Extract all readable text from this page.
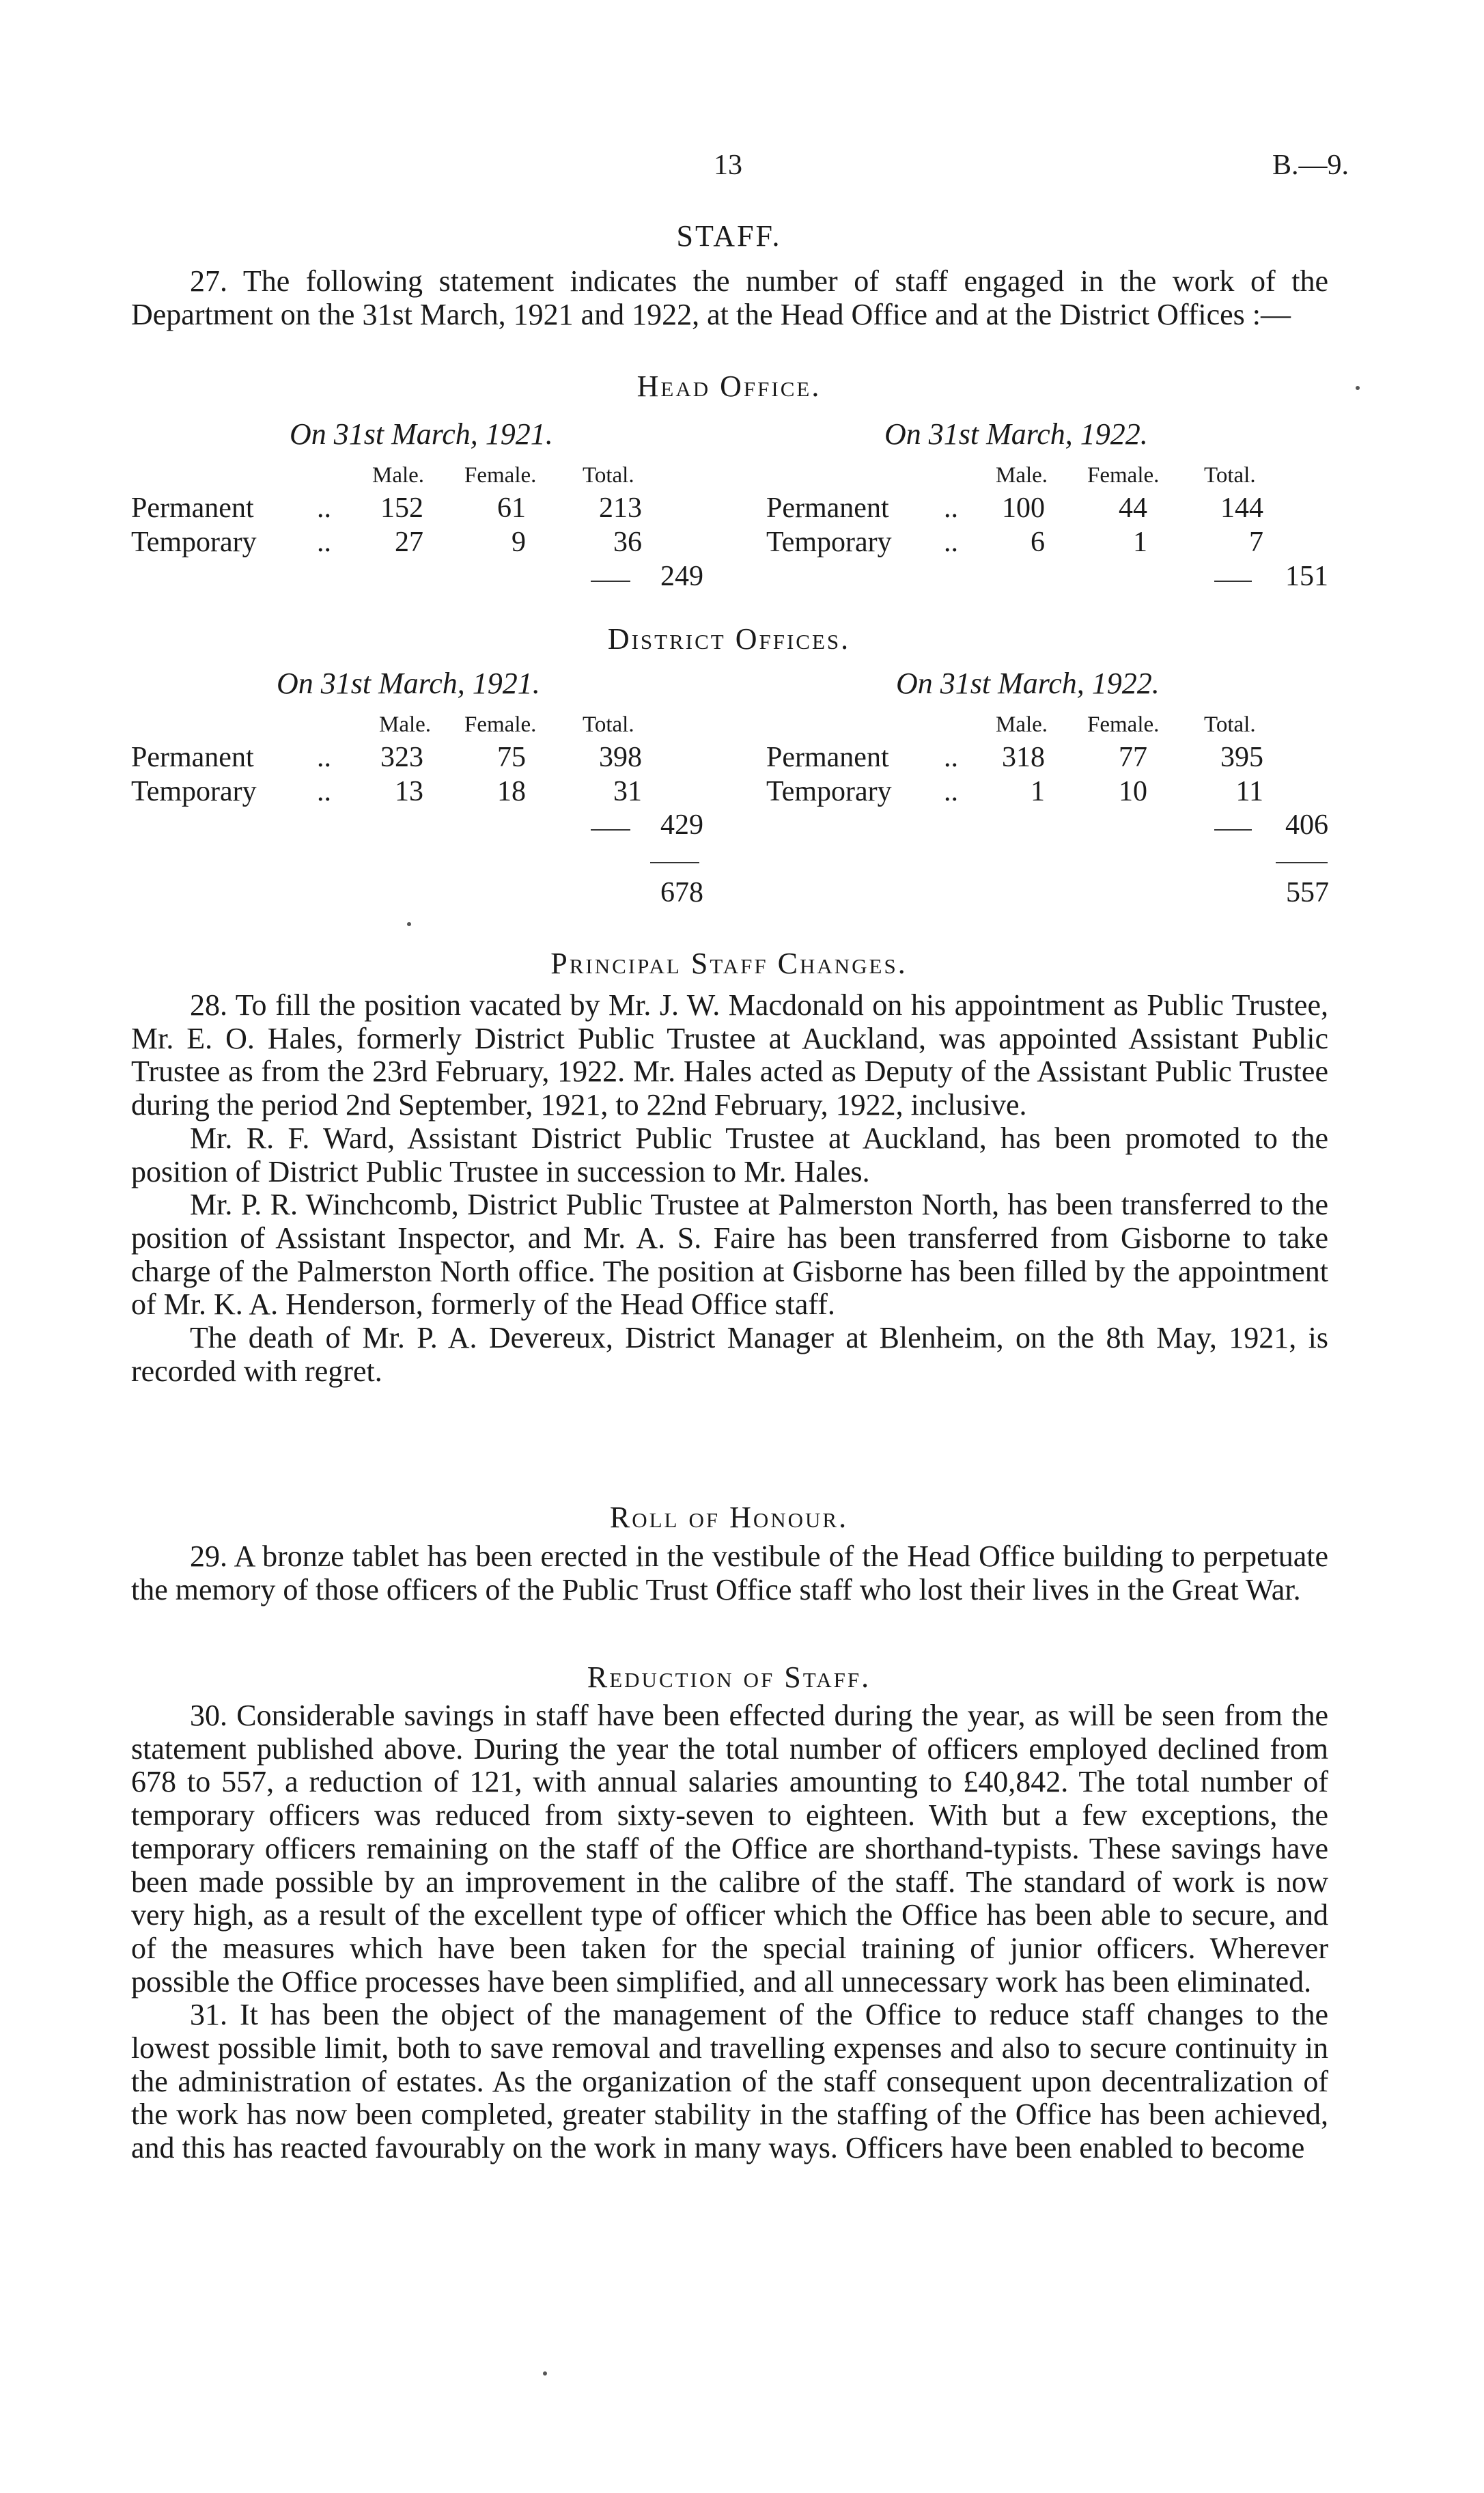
13	B.—9.
STAFF.

27. The following statement indicates the number of staff engaged in the work of the Department on the 31st March, 1921 and 1922, at the Head Office and at the District Offices :—

Head Office.
On 31st March, 1921.	On 31st March, 1922.
Male. Female. Total.	Male. Female. Total.
Permanent ..	152	61	213
Temporary ..	27	9	36
249
Permanent ..	100	44	144
Temporary ..	6	1	7
151
District Offices.
On 31st March, 1921.	On 31st March, 1922.
Male. Female. Total.	Male. Female. Total.
Permanent ..	323	75	398
Temporary ..	13	18	31
429
Permanent ..	318	77	395
Temporary ..	1	10	11
406
678	557
Principal Staff Changes.

28. To fill the position vacated by Mr. J. W. Macdonald on his appointment as Public Trustee, Mr. E. O. Hales, formerly District Public Trustee at Auckland, was appointed Assistant Public Trustee as from the 23rd February, 1922. Mr. Hales acted as Deputy of the Assistant Public Trustee during the period 2nd September, 1921, to 22nd February, 1922, inclusive.

Mr. R. F. Ward, Assistant District Public Trustee at Auckland, has been promoted to the position of District Public Trustee in succession to Mr. Hales.

Mr. P. R. Winchcomb, District Public Trustee at Palmerston North, has been transferred to the position of Assistant Inspector, and Mr. A. S. Faire has been transferred from Gisborne to take charge of the Palmerston North office. The position at Gisborne has been filled by the appointment of Mr. K. A. Henderson, formerly of the Head Office staff.

The death of Mr. P. A. Devereux, District Manager at Blenheim, on the 8th May, 1921, is recorded with regret.

Roll of Honour.

29. A bronze tablet has been erected in the vestibule of the Head Office building to perpetuate the memory of those officers of the Public Trust Office staff who lost their lives in the Great War.

Reduction of Staff.

30. Considerable savings in staff have been effected during the year, as will be seen from the statement published above. During the year the total number of officers employed declined from 678 to 557, a reduction of 121, with annual salaries amounting to £40,842. The total number of temporary officers was reduced from sixty-seven to eighteen. With but a few exceptions, the temporary officers remaining on the staff of the Office are shorthand-typists. These savings have been made possible by an improvement in the calibre of the staff. The standard of work is now very high, as a result of the excellent type of officer which the Office has been able to secure, and of the measures which have been taken for the special training of junior officers. Wherever possible the Office processes have been simplified, and all unnecessary work has been eliminated.

31. It has been the object of the management of the Office to reduce staff changes to the lowest possible limit, both to save removal and travelling expenses and also to secure continuity in the administration of estates. As the organization of the staff consequent upon decentralization of the work has now been completed, greater stability in the staffing of the Office has been achieved, and this has reacted favourably on the work in many ways. Officers have been enabled to become
